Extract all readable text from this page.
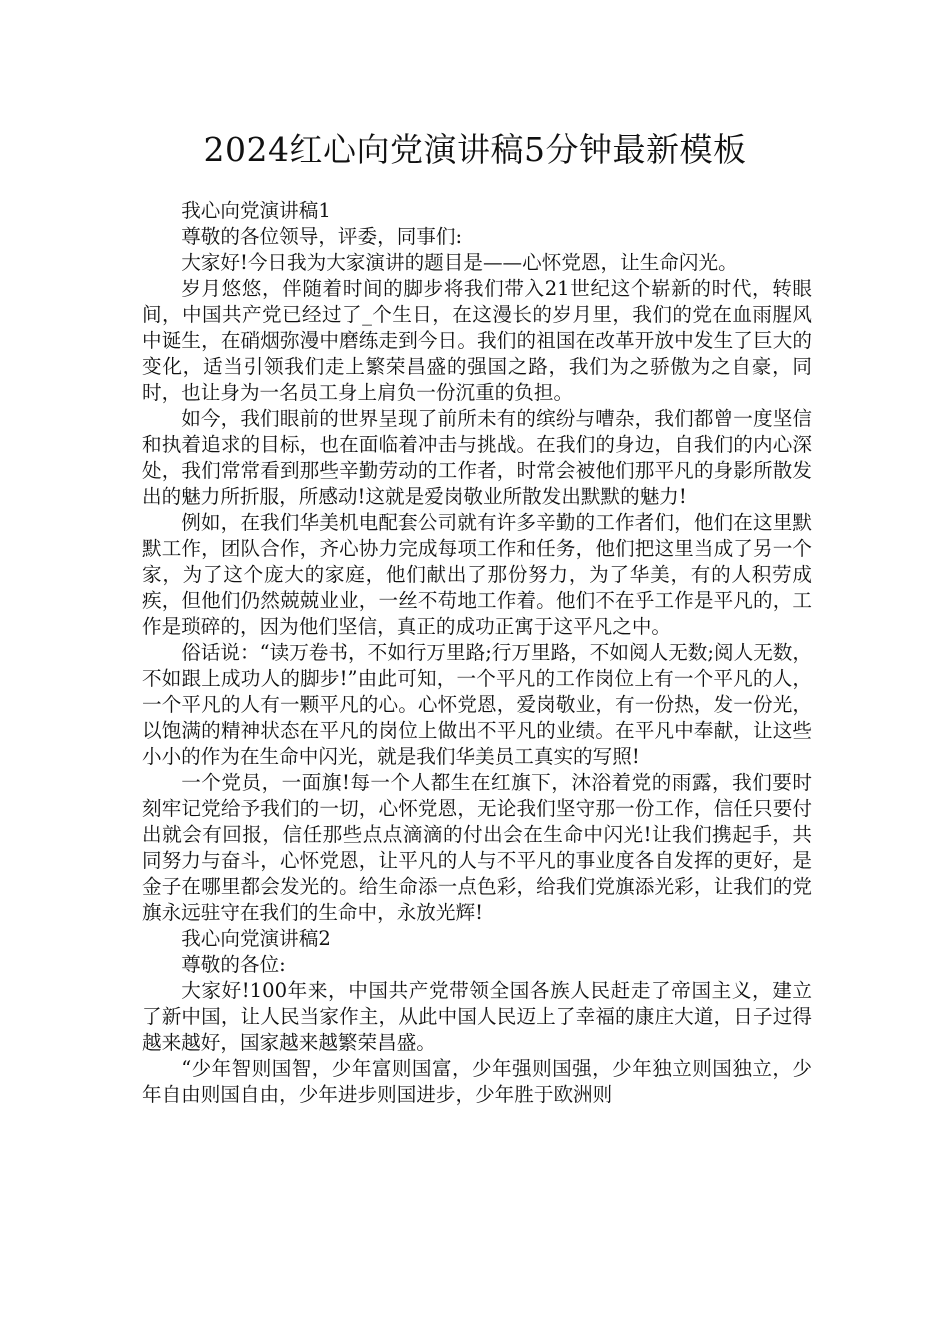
2024红心向党演讲稿5分钟最新模板

我心向党演讲稿1

尊敬的各位领导，评委，同事们:

大家好!今日我为大家演讲的题目是——心怀党恩，让生命闪光。

岁月悠悠，伴随着时间的脚步将我们带入21世纪这个崭新的时代，转眼间，中国共产党已经过了_个生日，在这漫长的岁月里，我们的党在血雨腥风中诞生，在硝烟弥漫中磨练走到今日。我们的祖国在改革开放中发生了巨大的变化，适当引领我们走上繁荣昌盛的强国之路，我们为之骄傲为之自豪，同时，也让身为一名员工身上肩负一份沉重的负担。

如今，我们眼前的世界呈现了前所未有的缤纷与嘈杂，我们都曾一度坚信和执着追求的目标，也在面临着冲击与挑战。在我们的身边，自我们的内心深处，我们常常看到那些辛勤劳动的工作者，时常会被他们那平凡的身影所散发出的魅力所折服，所感动!这就是爱岗敬业所散发出默默的魅力!

例如，在我们华美机电配套公司就有许多辛勤的工作者们，他们在这里默默工作，团队合作，齐心协力完成每项工作和任务，他们把这里当成了另一个家，为了这个庞大的家庭，他们献出了那份努力，为了华美，有的人积劳成疾，但他们仍然兢兢业业，一丝不苟地工作着。他们不在乎工作是平凡的，工作是琐碎的，因为他们坚信，真正的成功正寓于这平凡之中。

俗话说：“读万卷书，不如行万里路;行万里路，不如阅人无数;阅人无数，不如跟上成功人的脚步!”由此可知，一个平凡的工作岗位上有一个平凡的人，一个平凡的人有一颗平凡的心。心怀党恩，爱岗敬业，有一份热，发一份光，以饱满的精神状态在平凡的岗位上做出不平凡的业绩。在平凡中奉献，让这些小小的作为在生命中闪光，就是我们华美员工真实的写照!

一个党员，一面旗!每一个人都生在红旗下，沐浴着党的雨露，我们要时刻牢记党给予我们的一切，心怀党恩，无论我们坚守那一份工作，信任只要付出就会有回报，信任那些点点滴滴的付出会在生命中闪光!让我们携起手，共同努力与奋斗，心怀党恩，让平凡的人与不平凡的事业度各自发挥的更好，是金子在哪里都会发光的。给生命添一点色彩，给我们党旗添光彩，让我们的党旗永远驻守在我们的生命中，永放光辉!

我心向党演讲稿2

尊敬的各位:

大家好!100年来，中国共产党带领全国各族人民赶走了帝国主义，建立了新中国，让人民当家作主，从此中国人民迈上了幸福的康庄大道，日子过得越来越好，国家越来越繁荣昌盛。

“少年智则国智，少年富则国富，少年强则国强，少年独立则国独立，少年自由则国自由，少年进步则国进步，少年胜于欧洲则
